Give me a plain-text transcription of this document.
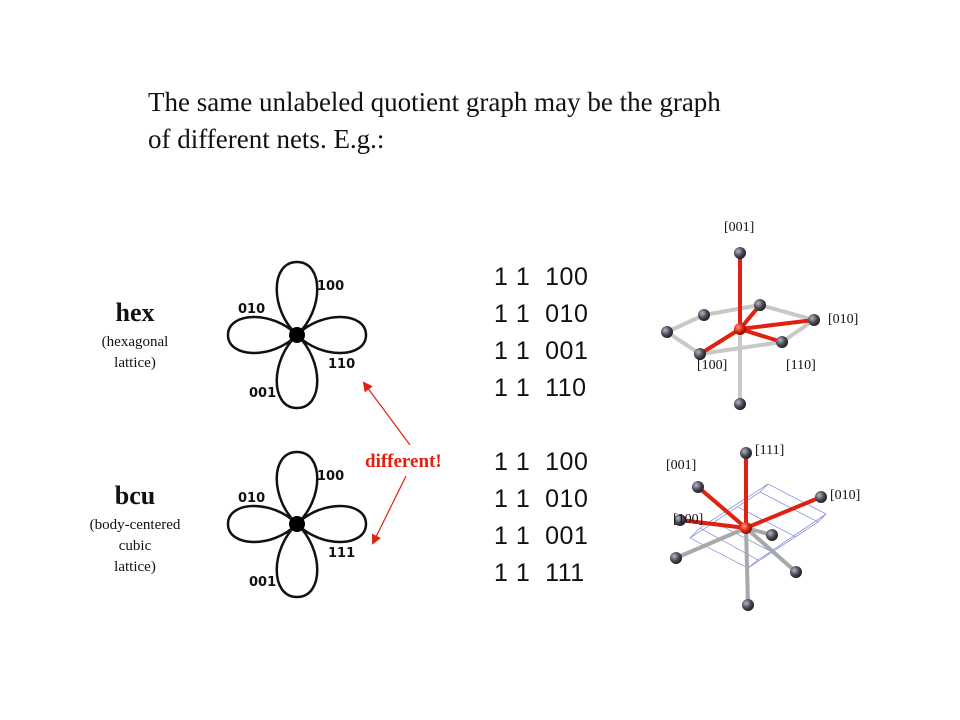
The same unlabeled quotient graph may be the graph
of different nets. E.g.:
hex
(hexagonal
lattice)
bcu
(body-centered
cubic
lattice)
100
010
110
001
100
010
111
001
different!
1 1  100
1 1  010
1 1  001
1 1  110
1 1  100
1 1  010
1 1  001
1 1  111
[001]
[010]
[100]	[110]
[111]
[001]
[010]
[100]
